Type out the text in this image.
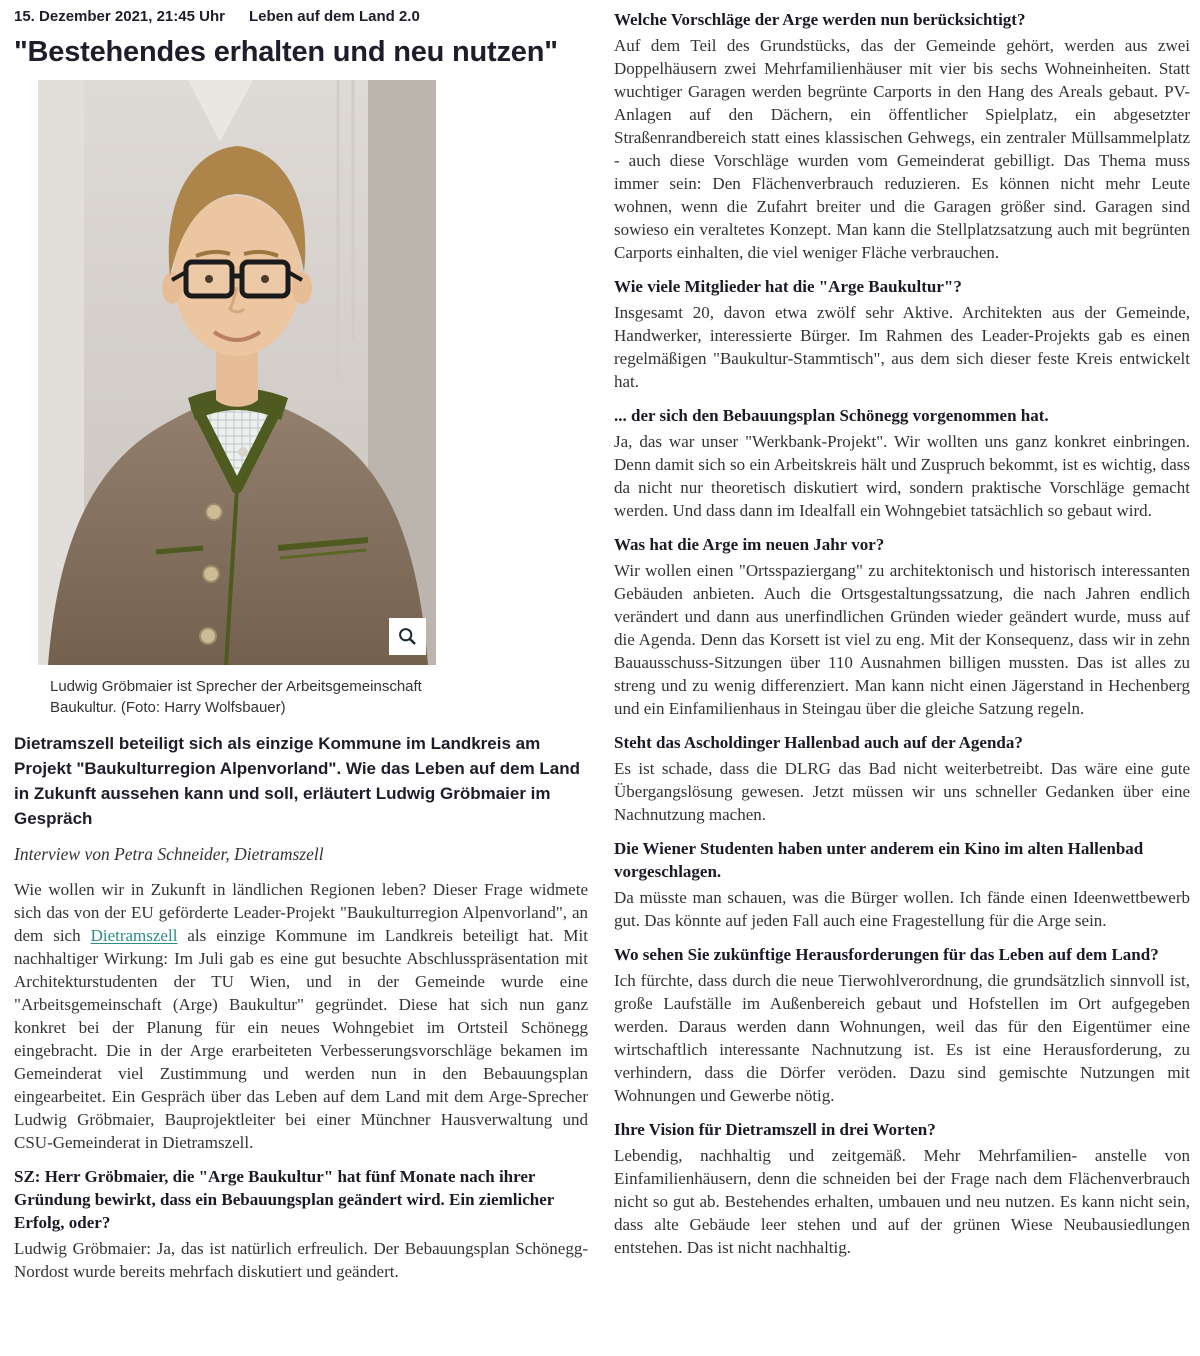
15. Dezember 2021, 21:45 Uhr Leben auf dem Land 2.0
"Bestehendes erhalten und neu nutzen"

Ludwig Gröbmaier ist Sprecher der Arbeitsgemeinschaft Baukultur. (Foto: Harry Wolfsbauer)

Dietramszell beteiligt sich als einzige Kommune im Landkreis am Projekt "Baukulturregion Alpenvorland". Wie das Leben auf dem Land in Zukunft aussehen kann und soll, erläutert Ludwig Gröbmaier im Gespräch

Interview von Petra Schneider, Dietramszell

Wie wollen wir in Zukunft in ländlichen Regionen leben? Dieser Frage widmete sich das von der EU geförderte Leader-Projekt "Baukulturregion Alpenvorland", an dem sich Dietramszell als einzige Kommune im Landkreis beteiligt hat. Mit nachhaltiger Wirkung: Im Juli gab es eine gut besuchte Abschlusspräsentation mit Architekturstudenten der TU Wien, und in der Gemeinde wurde eine "Arbeitsgemeinschaft (Arge) Baukultur" gegründet. Diese hat sich nun ganz konkret bei der Planung für ein neues Wohngebiet im Ortsteil Schönegg eingebracht. Die in der Arge erarbeiteten Verbesserungsvorschläge bekamen im Gemeinderat viel Zustimmung und werden nun in den Bebauungsplan eingearbeitet. Ein Gespräch über das Leben auf dem Land mit dem Arge-Sprecher Ludwig Gröbmaier, Bauprojektleiter bei einer Münchner Hausverwaltung und CSU-Gemeinderat in Dietramszell.

SZ: Herr Gröbmaier, die "Arge Baukultur" hat fünf Monate nach ihrer Gründung bewirkt, dass ein Bebauungsplan geändert wird. Ein ziemlicher Erfolg, oder?

Ludwig Gröbmaier: Ja, das ist natürlich erfreulich. Der Bebauungsplan Schönegg-Nordost wurde bereits mehrfach diskutiert und geändert.

Welche Vorschläge der Arge werden nun berücksichtigt?

Auf dem Teil des Grundstücks, das der Gemeinde gehört, werden aus zwei Doppelhäusern zwei Mehrfamilienhäuser mit vier bis sechs Wohneinheiten. Statt wuchtiger Garagen werden begrünte Carports in den Hang des Areals gebaut. PV-Anlagen auf den Dächern, ein öffentlicher Spielplatz, ein abgesetzter Straßenrandbereich statt eines klassischen Gehwegs, ein zentraler Müllsammelplatz - auch diese Vorschläge wurden vom Gemeinderat gebilligt. Das Thema muss immer sein: Den Flächenverbrauch reduzieren. Es können nicht mehr Leute wohnen, wenn die Zufahrt breiter und die Garagen größer sind. Garagen sind sowieso ein veraltetes Konzept. Man kann die Stellplatzsatzung auch mit begrünten Carports einhalten, die viel weniger Fläche verbrauchen.

Wie viele Mitglieder hat die "Arge Baukultur"?

Insgesamt 20, davon etwa zwölf sehr Aktive. Architekten aus der Gemeinde, Handwerker, interessierte Bürger. Im Rahmen des Leader-Projekts gab es einen regelmäßigen "Baukultur-Stammtisch", aus dem sich dieser feste Kreis entwickelt hat.

... der sich den Bebauungsplan Schönegg vorgenommen hat.

Ja, das war unser "Werkbank-Projekt". Wir wollten uns ganz konkret einbringen. Denn damit sich so ein Arbeitskreis hält und Zuspruch bekommt, ist es wichtig, dass da nicht nur theoretisch diskutiert wird, sondern praktische Vorschläge gemacht werden. Und dass dann im Idealfall ein Wohngebiet tatsächlich so gebaut wird.

Was hat die Arge im neuen Jahr vor?

Wir wollen einen "Ortsspaziergang" zu architektonisch und historisch interessanten Gebäuden anbieten. Auch die Ortsgestaltungssatzung, die nach Jahren endlich verändert und dann aus unerfindlichen Gründen wieder geändert wurde, muss auf die Agenda. Denn das Korsett ist viel zu eng. Mit der Konsequenz, dass wir in zehn Bauausschuss-Sitzungen über 110 Ausnahmen billigen mussten. Das ist alles zu streng und zu wenig differenziert. Man kann nicht einen Jägerstand in Hechenberg und ein Einfamilienhaus in Steingau über die gleiche Satzung regeln.

Steht das Ascholdinger Hallenbad auch auf der Agenda?

Es ist schade, dass die DLRG das Bad nicht weiterbetreibt. Das wäre eine gute Übergangslösung gewesen. Jetzt müssen wir uns schneller Gedanken über eine Nachnutzung machen.

Die Wiener Studenten haben unter anderem ein Kino im alten Hallenbad vorgeschlagen.

Da müsste man schauen, was die Bürger wollen. Ich fände einen Ideenwettbewerb gut. Das könnte auf jeden Fall auch eine Fragestellung für die Arge sein.

Wo sehen Sie zukünftige Herausforderungen für das Leben auf dem Land?

Ich fürchte, dass durch die neue Tierwohlverordnung, die grundsätzlich sinnvoll ist, große Laufställe im Außenbereich gebaut und Hofstellen im Ort aufgegeben werden. Daraus werden dann Wohnungen, weil das für den Eigentümer eine wirtschaftlich interessante Nachnutzung ist. Es ist eine Herausforderung, zu verhindern, dass die Dörfer veröden. Dazu sind gemischte Nutzungen mit Wohnungen und Gewerbe nötig.

Ihre Vision für Dietramszell in drei Worten?

Lebendig, nachhaltig und zeitgemäß. Mehr Mehrfamilien- anstelle von Einfamilienhäusern, denn die schneiden bei der Frage nach dem Flächenverbrauch nicht so gut ab. Bestehendes erhalten, umbauen und neu nutzen. Es kann nicht sein, dass alte Gebäude leer stehen und auf der grünen Wiese Neubausiedlungen entstehen. Das ist nicht nachhaltig.
